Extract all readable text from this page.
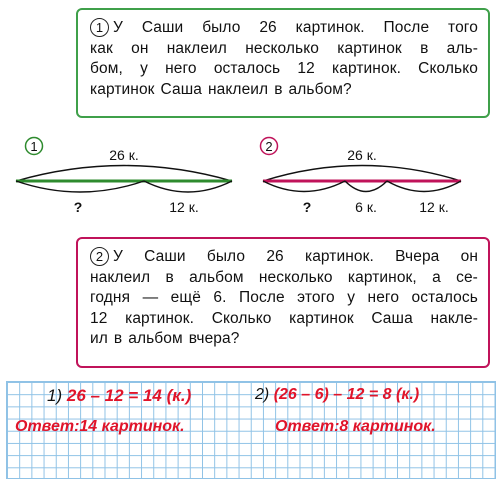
1 У Саши было 26 картинок. После того
как он наклеил несколько картинок в аль-
бом, у него осталось 12 картинок. Сколько
картинок Саша наклеил в альбом?
1
26 к.
?	12 к.
2
26 к.
?	6 к.	12 к.
2 У Саши было 26 картинок. Вчера он
наклеил в альбом несколько картинок, а се-
годня — ещё 6. После этого у него осталось
12 картинок. Сколько картинок Саша накле-
ил в альбом вчера?
1) 26 – 12 = 14 (к.)	2) (26 – 6) – 12 = 8 (к.)
Ответ:14 картинок.	Ответ:8 картинок.
